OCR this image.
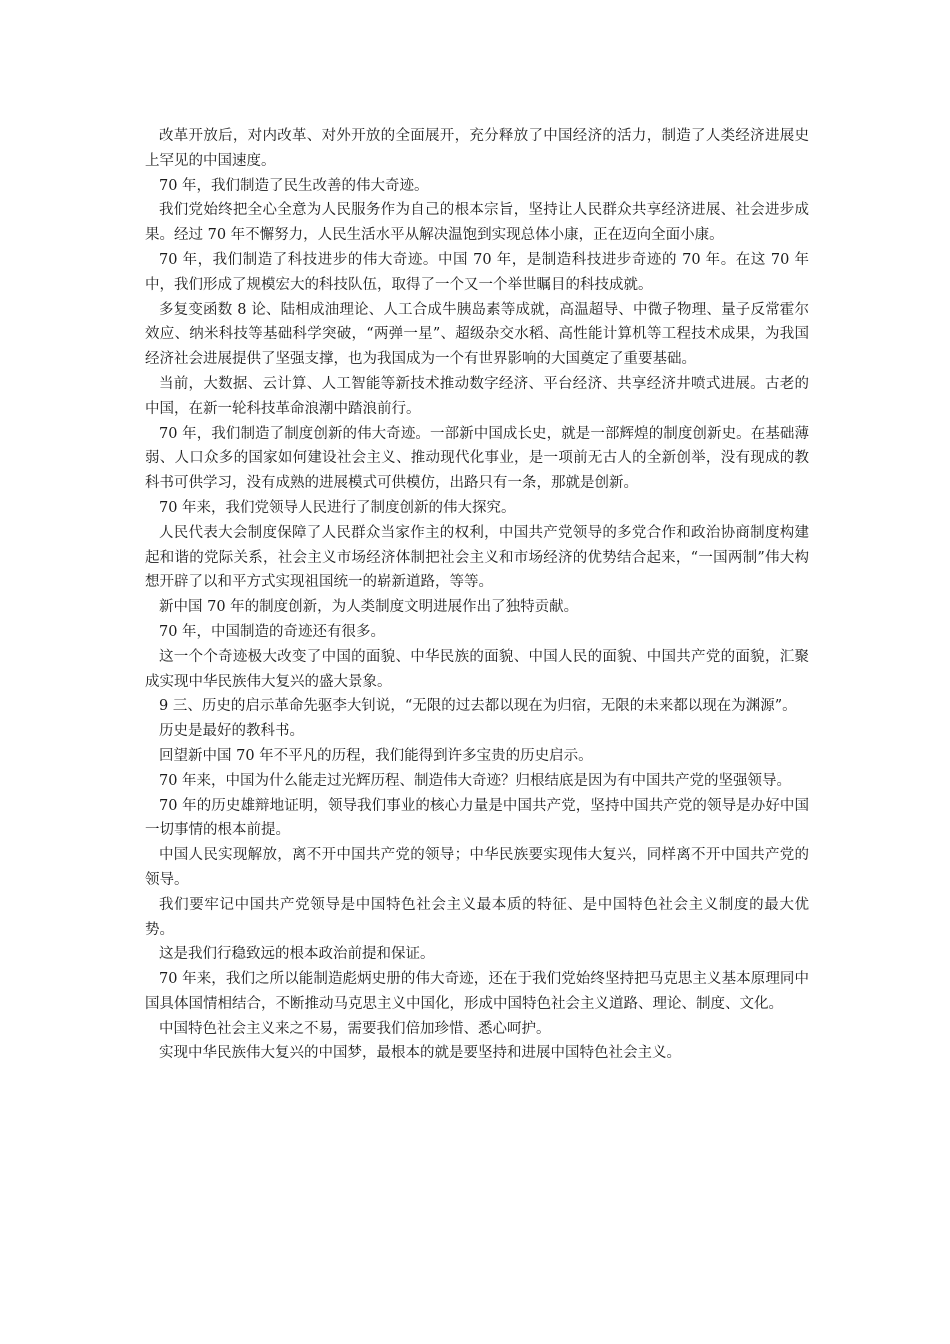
改革开放后，对内改革、对外开放的全面展开，充分释放了中国经济的活力，制造了人类经济进展史上罕见的中国速度。

70 年，我们制造了民生改善的伟大奇迹。

我们党始终把全心全意为人民服务作为自己的根本宗旨，坚持让人民群众共享经济进展、社会进步成果。经过 70 年不懈努力，人民生活水平从解决温饱到实现总体小康，正在迈向全面小康。

70 年，我们制造了科技进步的伟大奇迹。中国 70 年，是制造科技进步奇迹的 70 年。在这 70 年中，我们形成了规模宏大的科技队伍，取得了一个又一个举世瞩目的科技成就。

多复变函数 8 论、陆相成油理论、人工合成牛胰岛素等成就，高温超导、中微子物理、量子反常霍尔效应、纳米科技等基础科学突破，“两弹一星”、超级杂交水稻、高性能计算机等工程技术成果，为我国经济社会进展提供了坚强支撑，也为我国成为一个有世界影响的大国奠定了重要基础。

当前，大数据、云计算、人工智能等新技术推动数字经济、平台经济、共享经济井喷式进展。古老的中国，在新一轮科技革命浪潮中踏浪前行。

70 年，我们制造了制度创新的伟大奇迹。一部新中国成长史，就是一部辉煌的制度创新史。在基础薄弱、人口众多的国家如何建设社会主义、推动现代化事业，是一项前无古人的全新创举，没有现成的教科书可供学习，没有成熟的进展模式可供模仿，出路只有一条，那就是创新。

70 年来，我们党领导人民进行了制度创新的伟大探究。

人民代表大会制度保障了人民群众当家作主的权利，中国共产党领导的多党合作和政治协商制度构建起和谐的党际关系，社会主义市场经济体制把社会主义和市场经济的优势结合起来，“一国两制”伟大构想开辟了以和平方式实现祖国统一的崭新道路，等等。

新中国 70 年的制度创新，为人类制度文明进展作出了独特贡献。

70 年，中国制造的奇迹还有很多。

这一个个奇迹极大改变了中国的面貌、中华民族的面貌、中国人民的面貌、中国共产党的面貌，汇聚成实现中华民族伟大复兴的盛大景象。

9 三、历史的启示革命先驱李大钊说，“无限的过去都以现在为归宿，无限的未来都以现在为渊源”。

历史是最好的教科书。

回望新中国 70 年不平凡的历程，我们能得到许多宝贵的历史启示。

70 年来，中国为什么能走过光辉历程、制造伟大奇迹？归根结底是因为有中国共产党的坚强领导。

70 年的历史雄辩地证明，领导我们事业的核心力量是中国共产党，坚持中国共产党的领导是办好中国一切事情的根本前提。

中国人民实现解放，离不开中国共产党的领导；中华民族要实现伟大复兴，同样离不开中国共产党的领导。

我们要牢记中国共产党领导是中国特色社会主义最本质的特征、是中国特色社会主义制度的最大优势。

这是我们行稳致远的根本政治前提和保证。

70 年来，我们之所以能制造彪炳史册的伟大奇迹，还在于我们党始终坚持把马克思主义基本原理同中国具体国情相结合，不断推动马克思主义中国化，形成中国特色社会主义道路、理论、制度、文化。

中国特色社会主义来之不易，需要我们倍加珍惜、悉心呵护。

实现中华民族伟大复兴的中国梦，最根本的就是要坚持和进展中国特色社会主义。
